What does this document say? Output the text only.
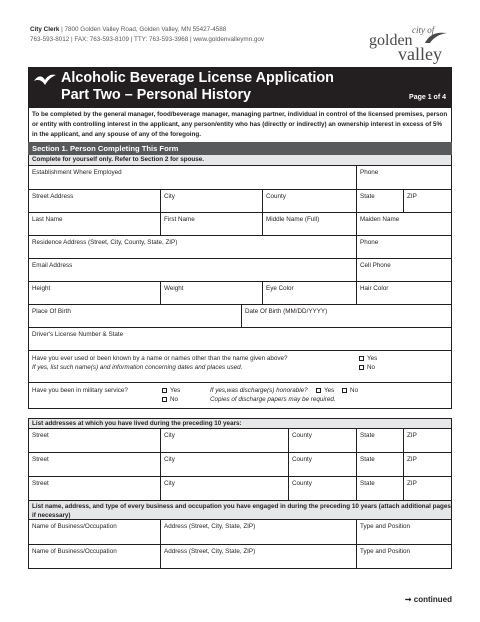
City Clerk | 7800 Golden Valley Road, Golden Valley, MN 55427-4588
763-593-8012 | FAX: 763-593-8109 | TTY: 763-593-3968 | www.goldenvalleymn.gov
city of
golden
valley
Alcoholic Beverage License Application
Part Two – Personal History	Page 1 of 4
To be completed by the general manager, food/beverage manager, managing partner, individual in control of the licensed premises, person or entity with controlling interest in the applicant, any person/entity who has (directly or indirectly) an ownership interest in excess of 5% in the applicant, and any spouse of any of the foregoing.
Section 1. Person Completing This Form
Complete for yourself only. Refer to Section 2 for spouse.
Establishment Where Employed	Phone
Street Address	City	County	State	ZIP
Last Name	First Name	Middle Name (Full)	Maiden Name
Residence Address (Street, City, County, State, ZIP)	Phone
Email Address	Cell Phone
Height	Weight	Eye Color	Hair Color
Place Of Birth	Date Of Birth (MM/DD/YYYY)
Driver's License Number & State
Have you ever used or been known by a name or names other than the name given above?
If yes, list such name(s) and information concerning dates and places used.
Yes
No
Have you been in military service?	Yes
No
If yes,was discharge(s) honorable?
Copies of discharge papers may be required.
Yes	No
List addresses at which you have lived during the preceding 10 years:
Street	City	County	State	ZIP
Street	City	County	State	ZIP
Street	City	County	State	ZIP
List name, address, and type of every business and occupation you have engaged in during the preceding 10 years (attach additional pages if necessary)
Name of Business/Occupation	Address (Street, City, State, ZIP)	Type and Position
Name of Business/Occupation	Address (Street, City, State, ZIP)	Type and Position
➞ continued
